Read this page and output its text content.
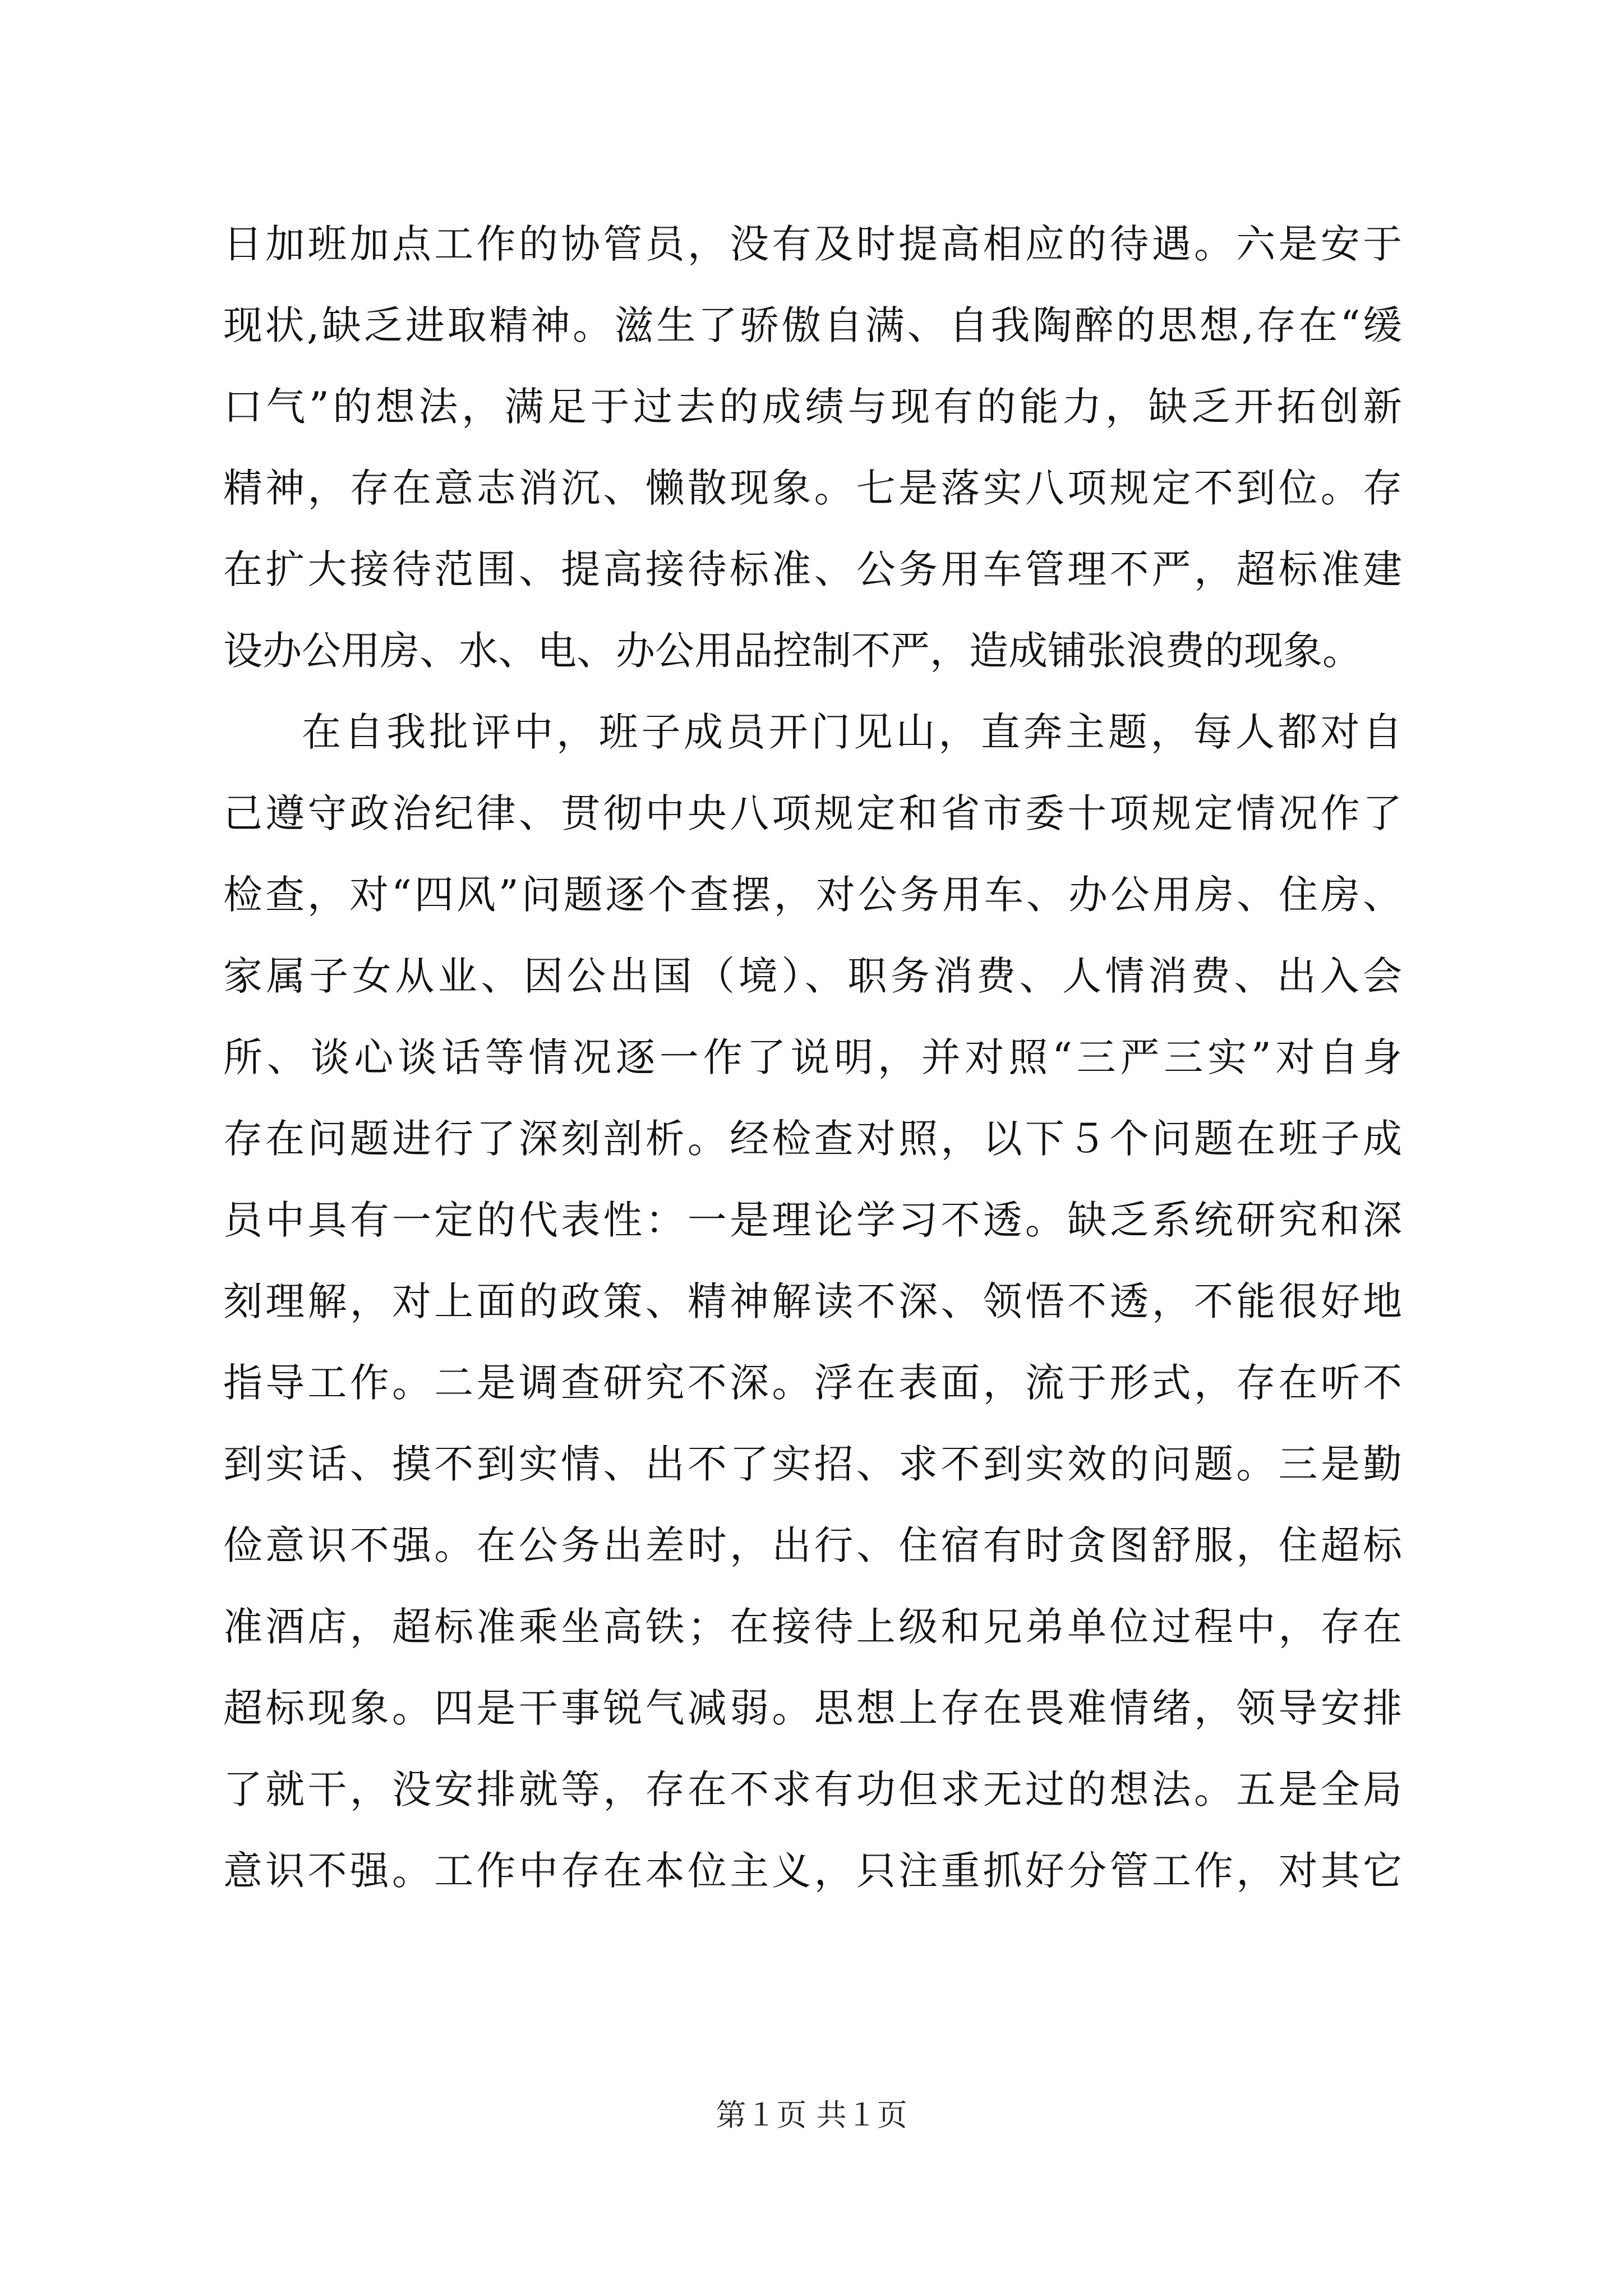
日加班加点工作的协管员，没有及时提高相应的待遇。六是安于
现状,缺乏进取精神。滋生了骄傲自满、自我陶醉的思想,存在“缓
口气”的想法，满足于过去的成绩与现有的能力，缺乏开拓创新
精神，存在意志消沉、懒散现象。七是落实八项规定不到位。存
在扩大接待范围、提高接待标准、公务用车管理不严，超标准建
设办公用房、水、电、办公用品控制不严，造成铺张浪费的现象。
在自我批评中，班子成员开门见山，直奔主题，每人都对自
己遵守政治纪律、贯彻中央八项规定和省市委十项规定情况作了
检查，对“四风”问题逐个查摆，对公务用车、办公用房、住房、
家属子女从业、因公出国（境）、职务消费、人情消费、出入会
所、谈心谈话等情况逐一作了说明，并对照“三严三实”对自身
存在问题进行了深刻剖析。经检查对照，以下５个问题在班子成
员中具有一定的代表性：一是理论学习不透。缺乏系统研究和深
刻理解，对上面的政策、精神解读不深、领悟不透，不能很好地
指导工作。二是调查研究不深。浮在表面，流于形式，存在听不
到实话、摸不到实情、出不了实招、求不到实效的问题。三是勤
俭意识不强。在公务出差时，出行、住宿有时贪图舒服，住超标
准酒店，超标准乘坐高铁；在接待上级和兄弟单位过程中，存在
超标现象。四是干事锐气减弱。思想上存在畏难情绪，领导安排
了就干，没安排就等，存在不求有功但求无过的想法。五是全局
意识不强。工作中存在本位主义，只注重抓好分管工作，对其它
第１页 共１页
